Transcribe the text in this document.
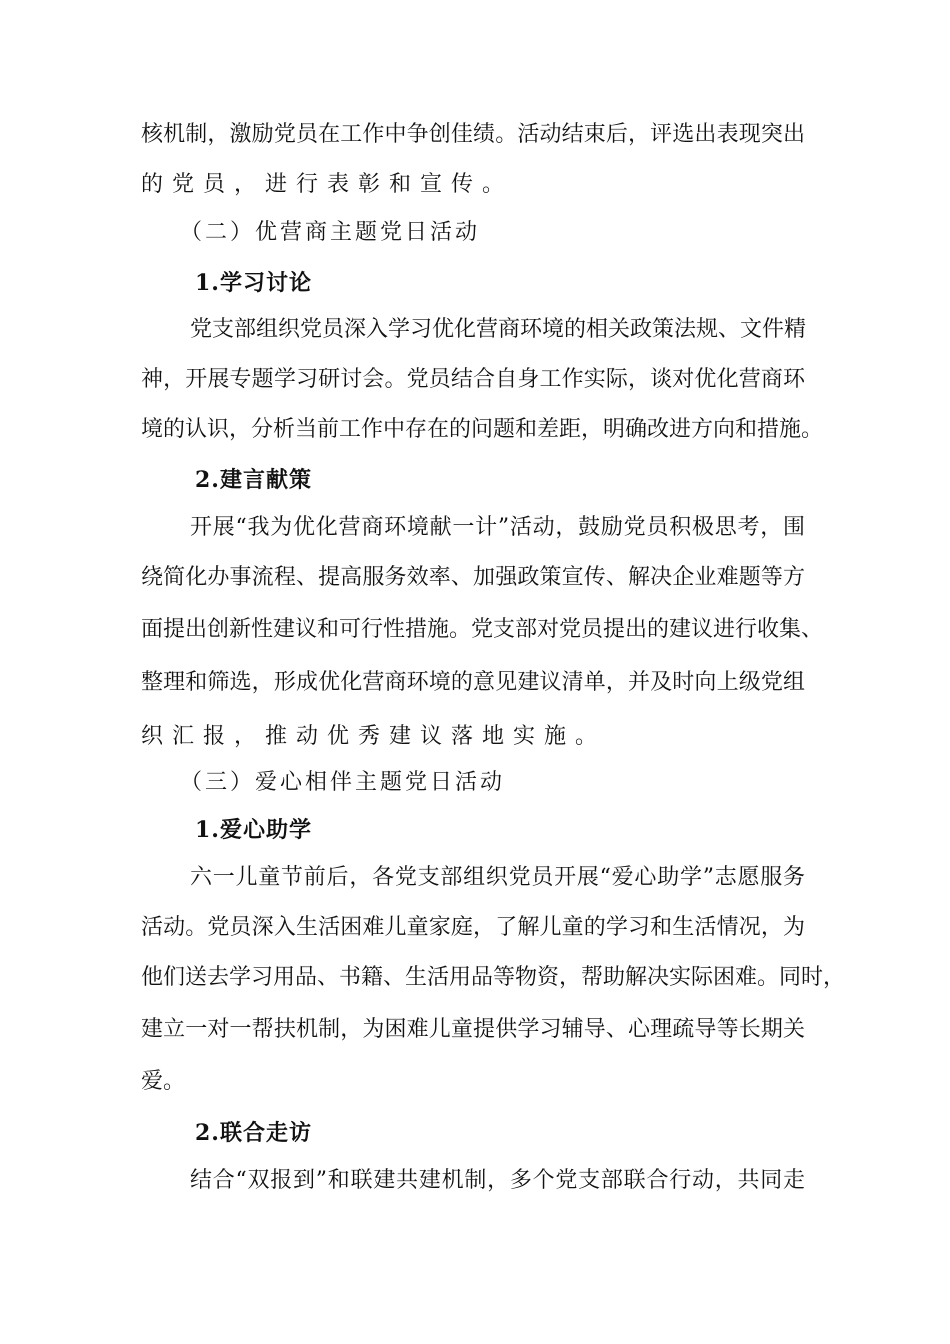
核机制，激励党员在工作中争创佳绩。活动结束后，评选出表现突出
的党员，进行表彰和宣传。
（二）优营商主题党日活动
1.学习讨论
党支部组织党员深入学习优化营商环境的相关政策法规、文件精
神，开展专题学习研讨会。党员结合自身工作实际，谈对优化营商环
境的认识，分析当前工作中存在的问题和差距，明确改进方向和措施。
2.建言献策
开展“我为优化营商环境献一计”活动，鼓励党员积极思考，围
绕简化办事流程、提高服务效率、加强政策宣传、解决企业难题等方
面提出创新性建议和可行性措施。党支部对党员提出的建议进行收集、
整理和筛选，形成优化营商环境的意见建议清单，并及时向上级党组
织汇报，推动优秀建议落地实施。
（三）爱心相伴主题党日活动
1.爱心助学
六一儿童节前后，各党支部组织党员开展“爱心助学”志愿服务
活动。党员深入生活困难儿童家庭，了解儿童的学习和生活情况，为
他们送去学习用品、书籍、生活用品等物资，帮助解决实际困难。同时，
建立一对一帮扶机制，为困难儿童提供学习辅导、心理疏导等长期关
爱。
2.联合走访
结合“双报到”和联建共建机制，多个党支部联合行动，共同走
